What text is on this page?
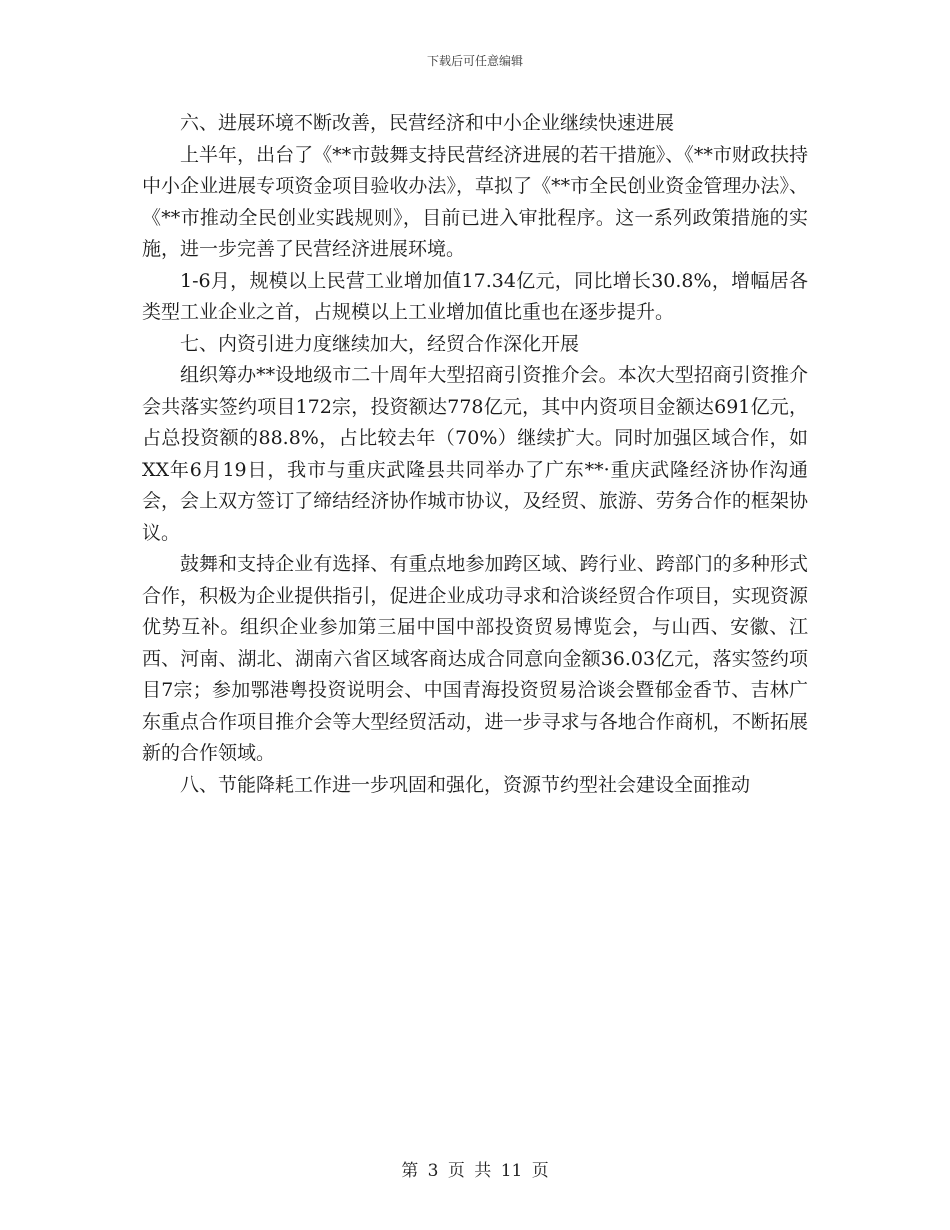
下载后可任意编辑

六、进展环境不断改善，民营经济和中小企业继续快速进展

上半年，出台了《**市鼓舞支持民营经济进展的若干措施》、《**市财政扶持中小企业进展专项资金项目验收办法》，草拟了《**市全民创业资金管理办法》、《**市推动全民创业实践规则》，目前已进入审批程序。这一系列政策措施的实施，进一步完善了民营经济进展环境。

1-6月，规模以上民营工业增加值17.34亿元，同比增长30.8%，增幅居各类型工业企业之首，占规模以上工业增加值比重也在逐步提升。

七、内资引进力度继续加大，经贸合作深化开展

组织筹办**设地级市二十周年大型招商引资推介会。本次大型招商引资推介会共落实签约项目172宗，投资额达778亿元，其中内资项目金额达691亿元，占总投资额的88.8%，占比较去年（70%）继续扩大。同时加强区域合作，如XX年6月19日，我市与重庆武隆县共同举办了广东**·重庆武隆经济协作沟通会，会上双方签订了缔结经济协作城市协议，及经贸、旅游、劳务合作的框架协议。

鼓舞和支持企业有选择、有重点地参加跨区域、跨行业、跨部门的多种形式合作，积极为企业提供指引，促进企业成功寻求和洽谈经贸合作项目，实现资源优势互补。组织企业参加第三届中国中部投资贸易博览会，与山西、安徽、江西、河南、湖北、湖南六省区域客商达成合同意向金额36.03亿元，落实签约项目7宗；参加鄂港粤投资说明会、中国青海投资贸易洽谈会暨郁金香节、吉林广东重点合作项目推介会等大型经贸活动，进一步寻求与各地合作商机，不断拓展新的合作领域。

八、节能降耗工作进一步巩固和强化，资源节约型社会建设全面推动

第 3 页 共 11 页
